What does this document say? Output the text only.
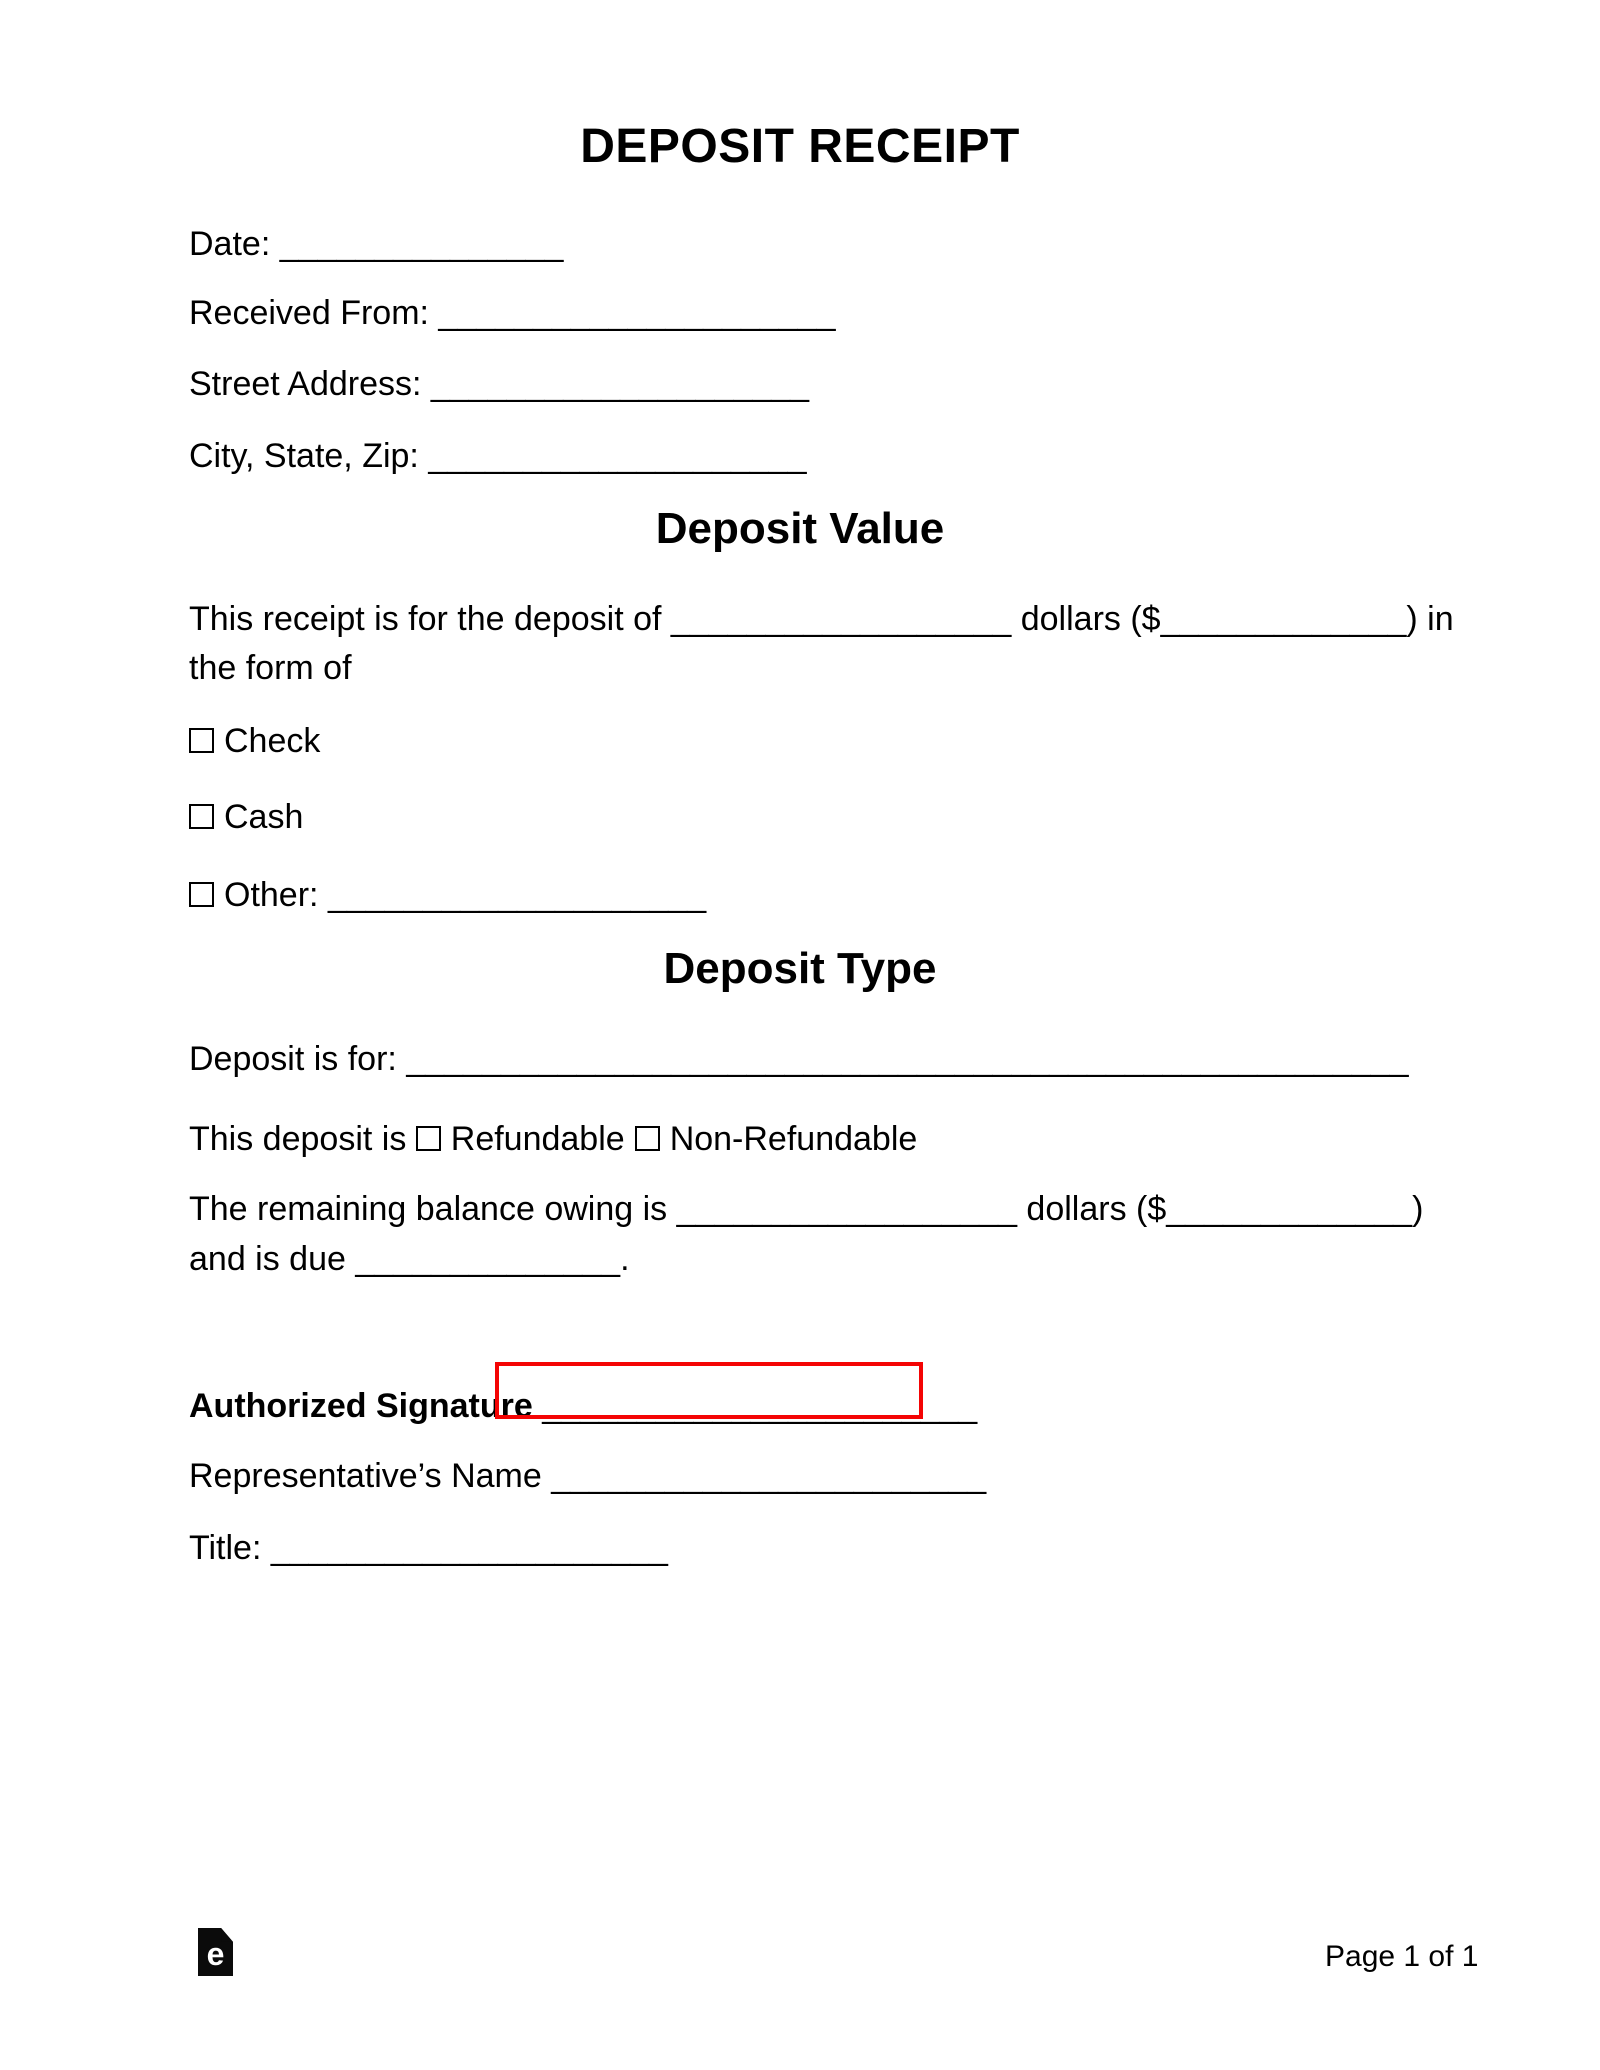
DEPOSIT RECEIPT
Date: _______________
Received From: _____________________
Street Address: ____________________
City, State, Zip: ____________________
Deposit Value
This receipt is for the deposit of __________________ dollars ($_____________) in
the form of
Check
Cash
Other: ____________________
Deposit Type
Deposit is for: _____________________________________________________
This deposit is Refundable Non-Refundable
The remaining balance owing is __________________ dollars ($_____________)
and is due ______________.
Authorized Signature _______________________
Representative’s Name _______________________
Title: _____________________
e	Page 1 of 1
